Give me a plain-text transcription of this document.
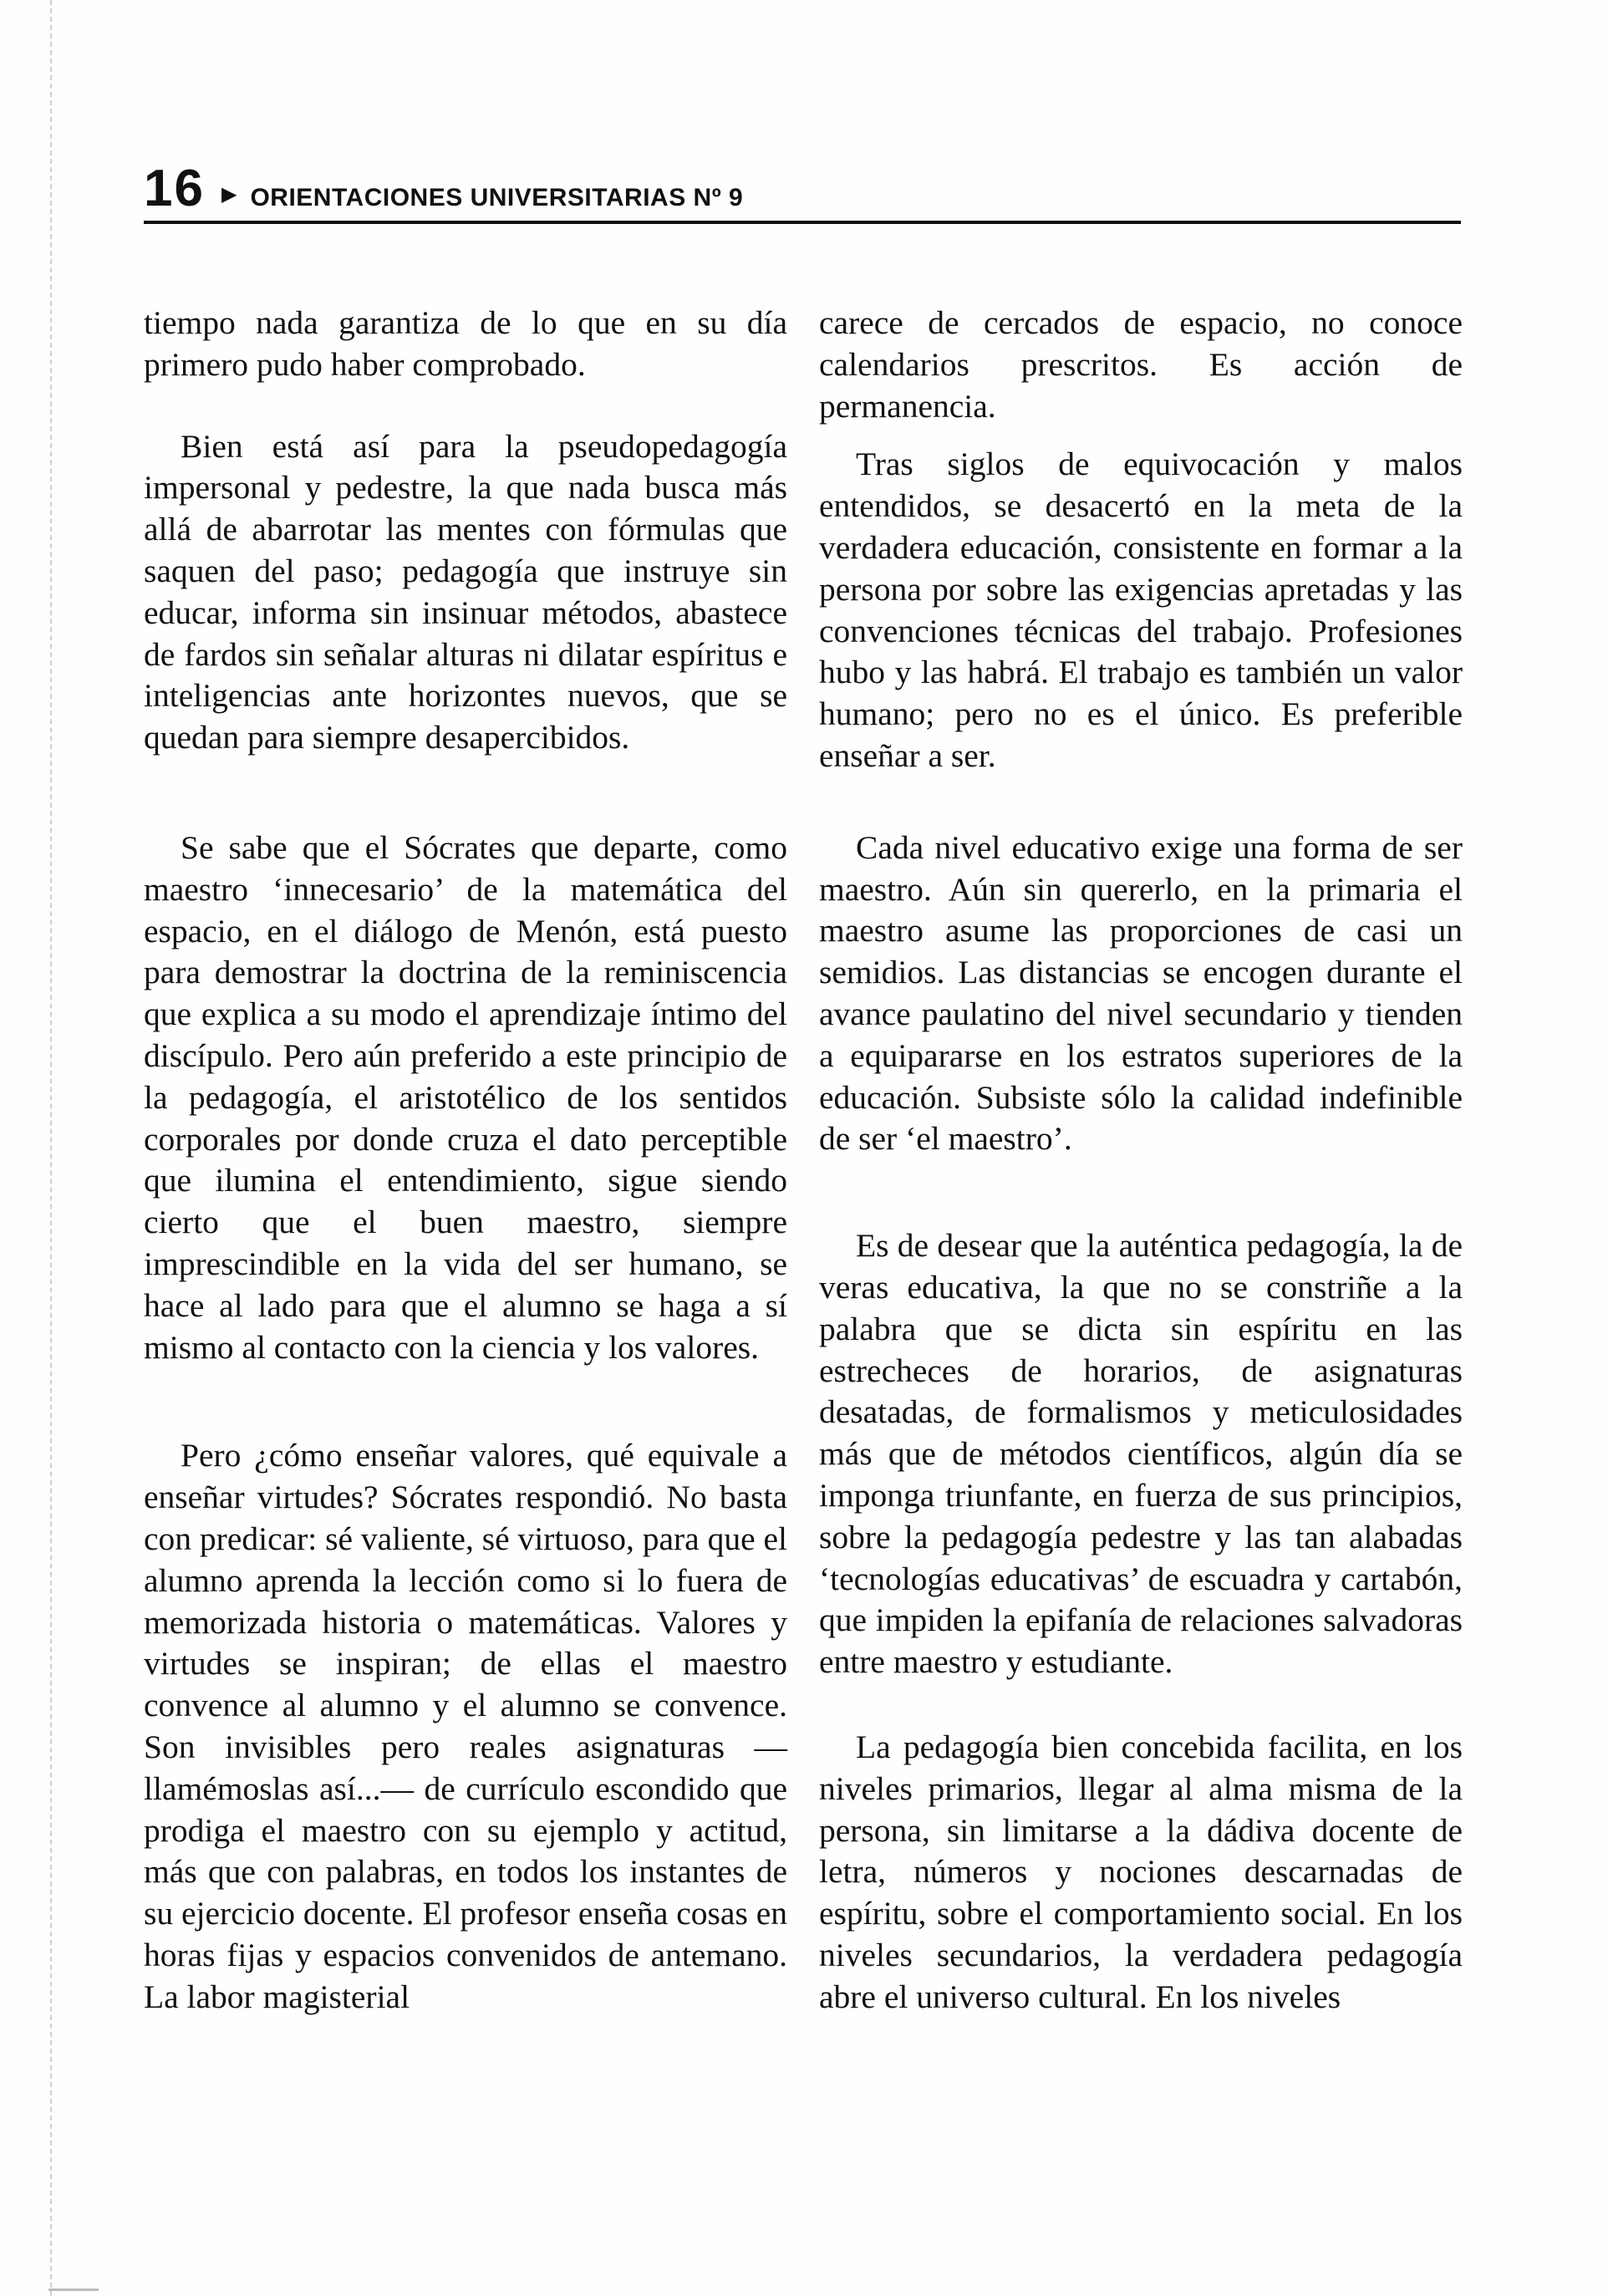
16 ▶ ORIENTACIONES UNIVERSITARIAS Nº 9

tiempo nada garantiza de lo que en su día primero pudo haber comprobado.

Bien está así para la pseudopedagogía impersonal y pedestre, la que nada busca más allá de abarrotar las mentes con fórmulas que saquen del paso; pedagogía que instruye sin educar, informa sin insinuar métodos, abastece de fardos sin señalar alturas ni dilatar espíritus e inteligencias ante horizontes nuevos, que se quedan para siempre desapercibidos.

Se sabe que el Sócrates que departe, como maestro ‘innecesario’ de la matemática del espacio, en el diálogo de Menón, está puesto para demostrar la doctrina de la reminiscencia que explica a su modo el aprendizaje íntimo del discípulo. Pero aún preferido a este principio de la pedagogía, el aristotélico de los sentidos corporales por donde cruza el dato perceptible que ilumina el entendimiento, sigue siendo cierto que el buen maestro, siempre imprescindible en la vida del ser humano, se hace al lado para que el alumno se haga a sí mismo al contacto con la ciencia y los valores.

Pero ¿cómo enseñar valores, qué equivale a enseñar virtudes? Sócrates respondió. No basta con predicar: sé valiente, sé virtuoso, para que el alumno aprenda la lección como si lo fuera de memorizada historia o matemáticas. Valores y virtudes se inspiran; de ellas el maestro convence al alumno y el alumno se convence. Son invisibles pero reales asignaturas —llamémoslas así...— de currículo escondido que prodiga el maestro con su ejemplo y actitud, más que con palabras, en todos los instantes de su ejercicio docente. El profesor enseña cosas en horas fijas y espacios convenidos de antemano. La labor magisterial

carece de cercados de espacio, no conoce calendarios prescritos. Es acción de permanencia.

Tras siglos de equivocación y malos entendidos, se desacertó en la meta de la verdadera educación, consistente en formar a la persona por sobre las exigencias apretadas y las convenciones técnicas del trabajo. Profesiones hubo y las habrá. El trabajo es también un valor humano; pero no es el único. Es preferible enseñar a ser.

Cada nivel educativo exige una forma de ser maestro. Aún sin quererlo, en la primaria el maestro asume las proporciones de casi un semidios. Las distancias se encogen durante el avance paulatino del nivel secundario y tienden a equipararse en los estratos superiores de la educación. Subsiste sólo la calidad indefinible de ser ‘el maestro’.

Es de desear que la auténtica pedagogía, la de veras educativa, la que no se constriñe a la palabra que se dicta sin espíritu en las estrecheces de horarios, de asignaturas desatadas, de formalismos y meticulosidades más que de métodos científicos, algún día se imponga triunfante, en fuerza de sus principios, sobre la pedagogía pedestre y las tan alabadas ‘tecnologías educativas’ de escuadra y cartabón, que impiden la epifanía de relaciones salvadoras entre maestro y estudiante.

La pedagogía bien concebida facilita, en los niveles primarios, llegar al alma misma de la persona, sin limitarse a la dádiva docente de letra, números y nociones descarnadas de espíritu, sobre el comportamiento social. En los niveles secundarios, la verdadera pedagogía abre el universo cultural. En los niveles
